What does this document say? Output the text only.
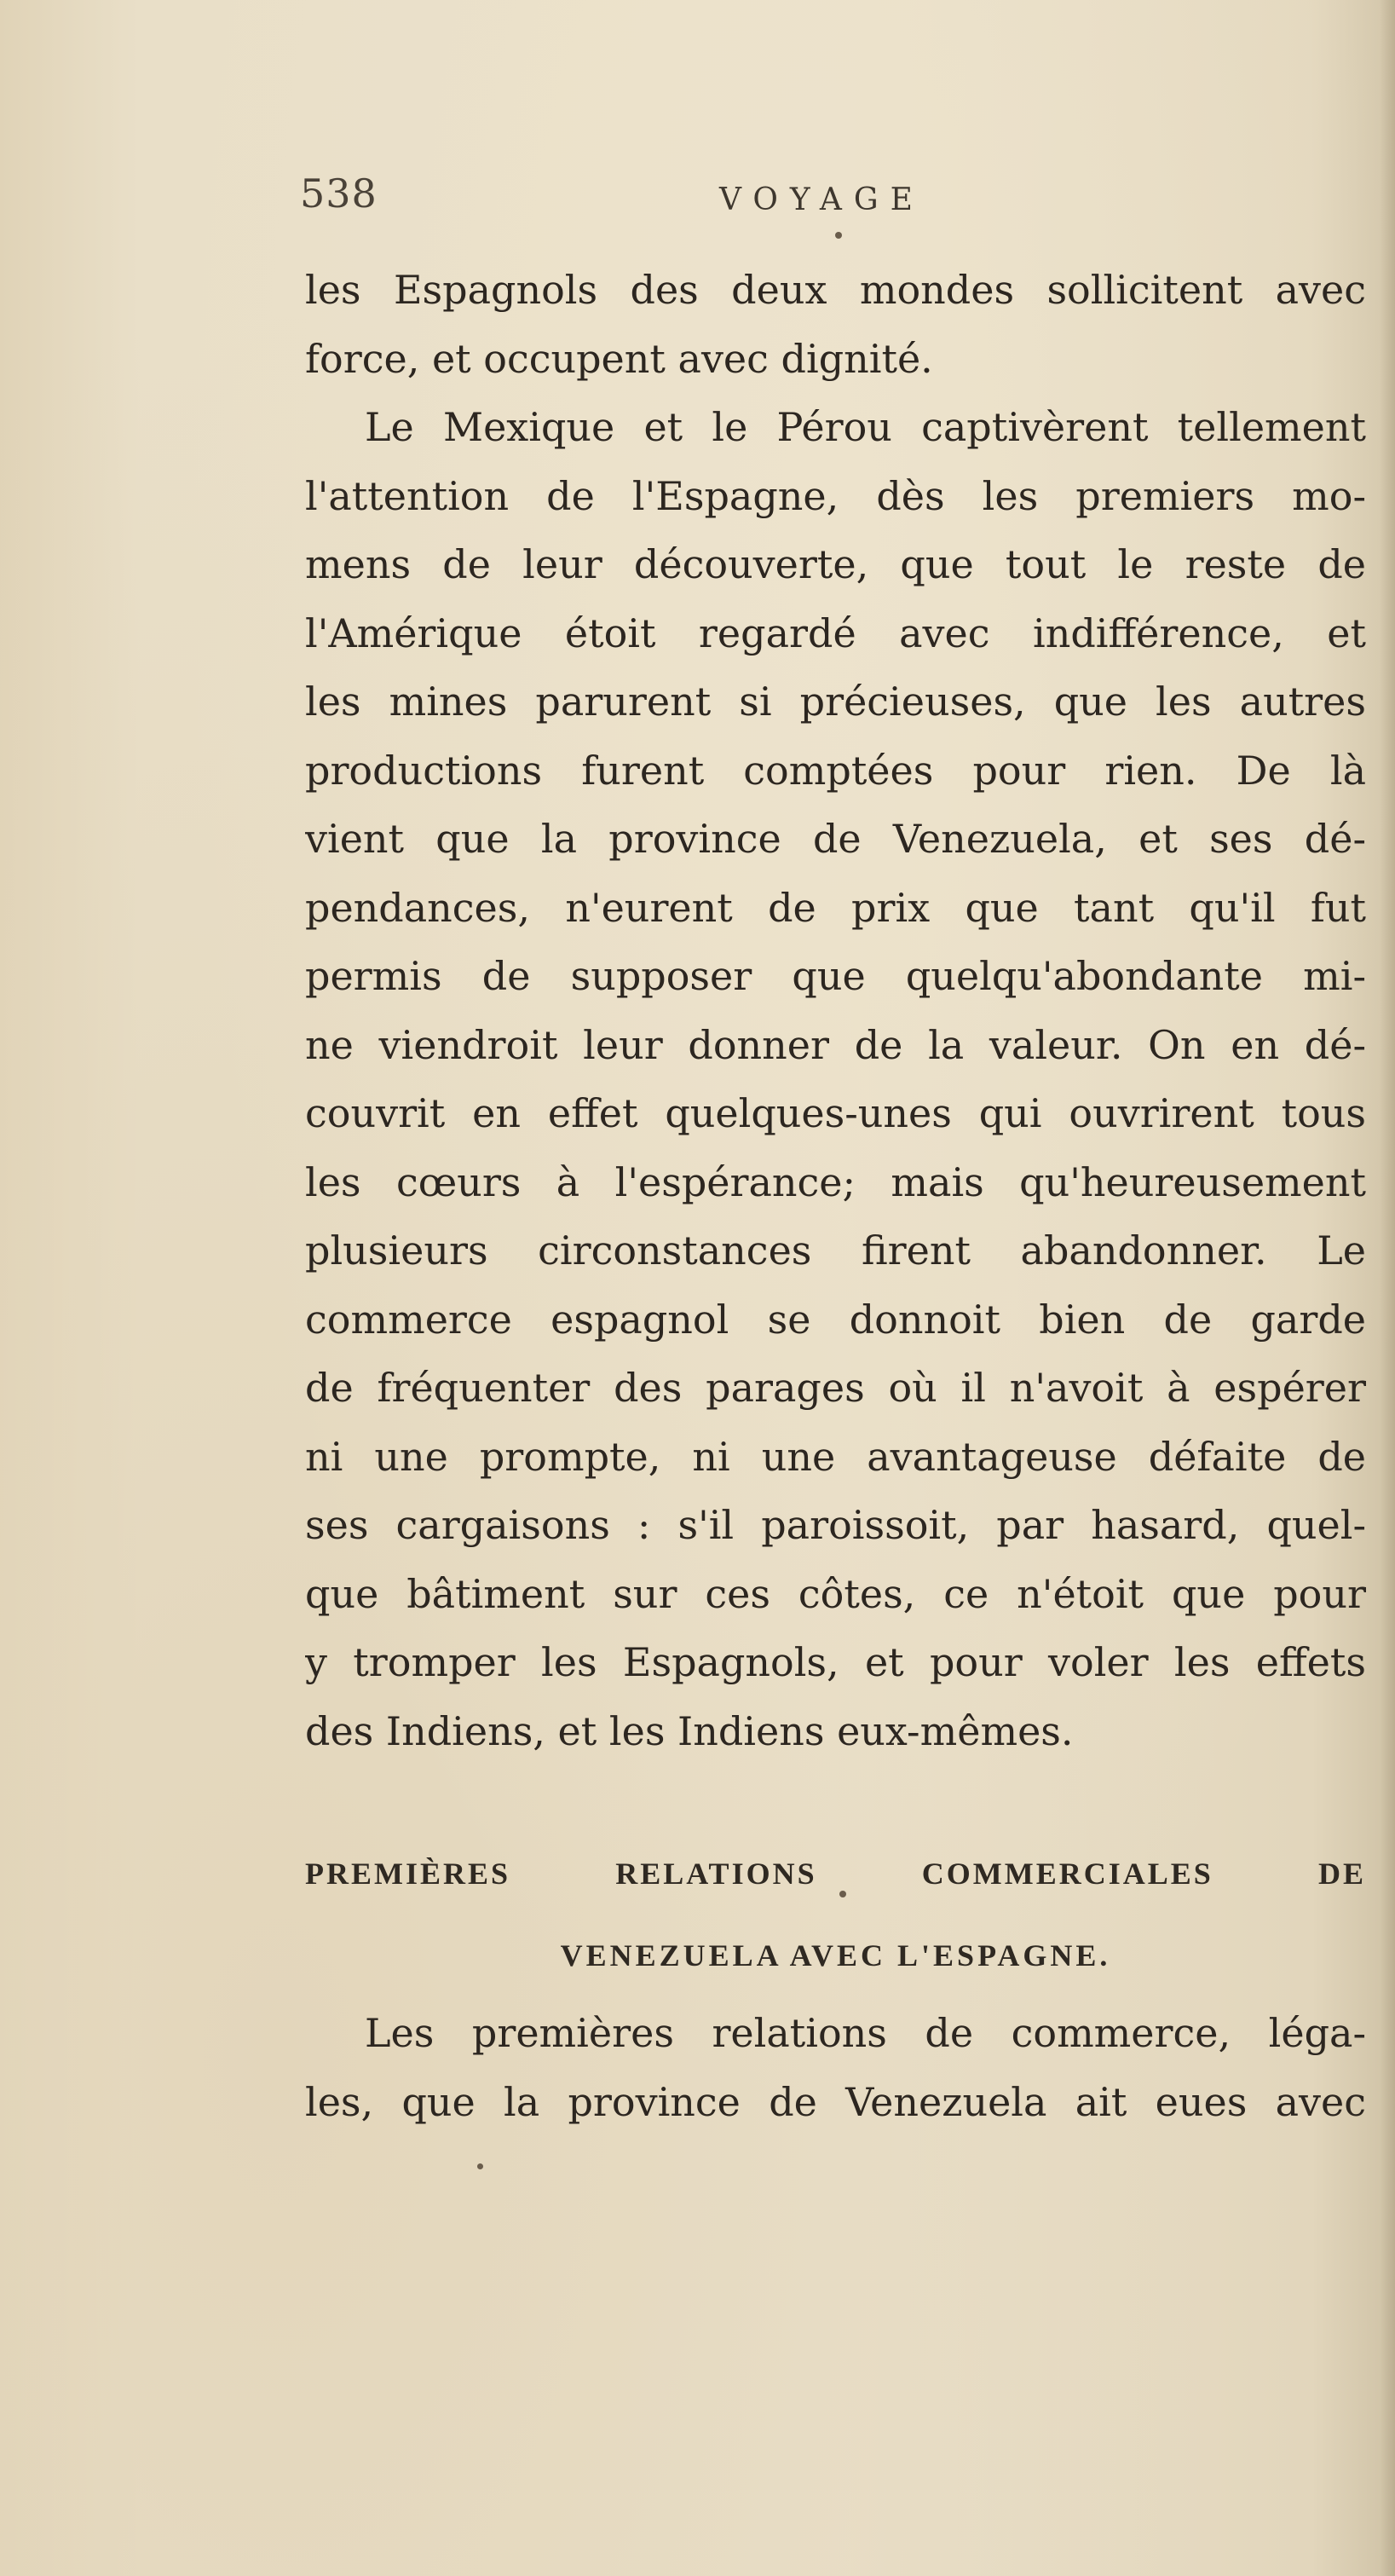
538	VOYAGE
les Espagnols des deux mondes sollicitent avec
force, et occupent avec dignité.
Le Mexique et le Pérou captivèrent tellement
l'attention de l'Espagne, dès les premiers mo-
mens de leur découverte, que tout le reste de
l'Amérique étoit regardé avec indifférence, et
les mines parurent si précieuses, que les autres
productions furent comptées pour rien. De là
vient que la province de Venezuela, et ses dé-
pendances, n'eurent de prix que tant qu'il fut
permis de supposer que quelqu'abondante mi-
ne viendroit leur donner de la valeur. On en dé-
couvrit en effet quelques-unes qui ouvrirent tous
les cœurs à l'espérance; mais qu'heureusement
plusieurs circonstances firent abandonner. Le
commerce espagnol se donnoit bien de garde
de fréquenter des parages où il n'avoit à espérer
ni une prompte, ni une avantageuse défaite de
ses cargaisons : s'il paroissoit, par hasard, quel-
que bâtiment sur ces côtes, ce n'étoit que pour
y tromper les Espagnols, et pour voler les effets
des Indiens, et les Indiens eux-mêmes.
PREMIÈRES RELATIONS COMMERCIALES DE
VENEZUELA AVEC L'ESPAGNE.
Les premières relations de commerce, léga-
les, que la province de Venezuela ait eues avec
